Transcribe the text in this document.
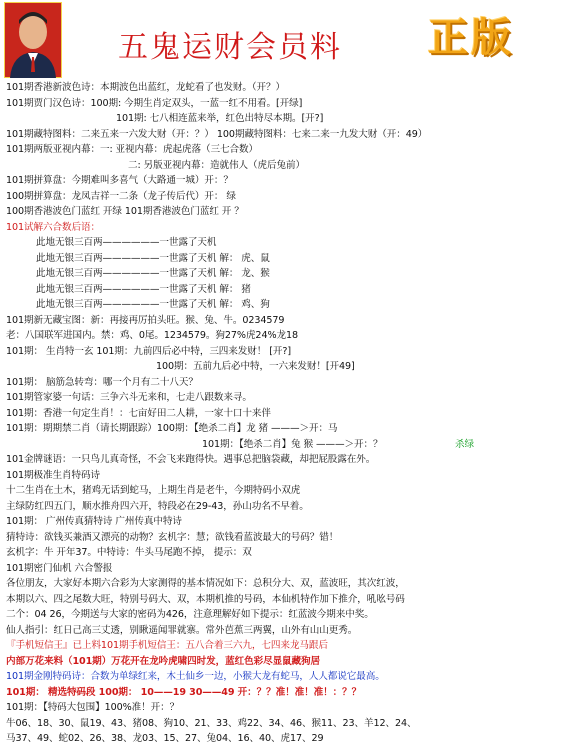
五鬼运财会员料 正版
101期香港新波色诗：本期波色出蓝红，龙蛇看了也发财。（开？）
101期贾门汉色诗：100期: 今期生肖定双头，一蓝一红不用看。[开绿]
101期: 七八相连蓝来举，红色出特尽本期。[开?]
101期藏特图料：二来五来一六发大财（开：？） 100期藏特图料：七来二来一九发大财（开：49）
101期两版亚视内幕：一: 亚视内幕：虎起虎落（三七合数）
二: 另版亚视内幕：造就伟人（虎后兔前）
101期拼算盘：今期难叫多喜气（大路通一城）开：？
100期拼算盘：龙凤吉祥一二条（龙子传后代）开： 绿
100期香港波色门蓝红 开绿 101期香港波色门蓝红 开 ？
101试解六合数后语：
此地无银三百两——————一世露了天机
此地无银三百两——————一世露了天机 解： 虎、鼠
此地无银三百两——————一世露了天机 解： 龙、猴
此地无银三百两——————一世露了天机 解： 猪
此地无银三百两——————一世露了天机 解： 鸡、狗
101期新无藏宝图：新：再接再厉拍头旺。猴、兔、牛。0234579
老：八国联军进国内。禁：鸡、0尾。1234579。狗27%虎24%龙18
101期： 生肖特一玄 101期：九前四后必中特，三四来发财！ [开?]
100期：五前九后必中特，一六来发财！[开49]
101期： 脑筋急转弯：哪一个月有二十八天？
101期管家婆一句话：三争六斗无来和，七走八跟数来寻。
101期：香港一句定生肖！：七亩好田二人耕，一家十口十来伴
101期：期期禁二肖（请长期跟踪）100期：【绝杀二肖】龙 猪 ———＞开：马
101期：【绝杀二肖】兔 猴 ———＞开：？	杀绿
101金牌谜语：一只鸟儿真奇怪，不会飞来跑得快。遇事总把脑袋藏，却把屁股露在外。
101期极准生肖特码诗
十二生肖在土木，猪鸡无话到蛇马，上期生肖是老牛，今期特码小双虎
主绿防红四五门，顺水推舟四六开，特段必在29-43，孙山功名不早着。
101期： 广州传真猜特诗 广州传真中特诗
猜特诗：欲钱买兼酒又漂亮的动物？玄机字：慧；欲钱看蓝波最大的号码？错！
玄机字：牛 开年37。中特诗：牛头马尾跑不掉， 提示：双
101期密门仙机 六合警报
各位朋友，大家好本期六合彩为大家测得的基本情况如下：总积分大、双，蓝波旺，其次红波，
本期以六、四之尾数大旺，特别号码大、双，本期机推的号码，本仙机特作加下推介，吼吆号码
二个：04 26，今期送与大家的密码为426，注意理解好如下提示：红蓝波今期来中奖。
仙人指引：红日己高三丈透，别瞅遥闻罪就寨。常外芭蕉三两翼，山外有山山更秀。
『手机短信王』已上料101期手机短信王：五八合着三六九，七四来龙马跟后
内部万花来料（101期）万花开在龙吟虎啸四时发，蓝红色彩尽显鼠藏狗居
101期金刚特码诗：合数为单绿红来，木土仙乡一边，小猴大龙有蛇马，人人都说它最高。
101期： 精选特码段 100期： 10——19 30——49 开：？？准！准！准！：？？
101期：【特码大包围】100%准！开：？
牛06、18、30、鼠19、43、猪08、狗10、21、33、鸡22、34、46、猴11、23、羊12、24、
马37、49、蛇02、26、38、龙03、15、27、兔04、16、40、虎17、29
